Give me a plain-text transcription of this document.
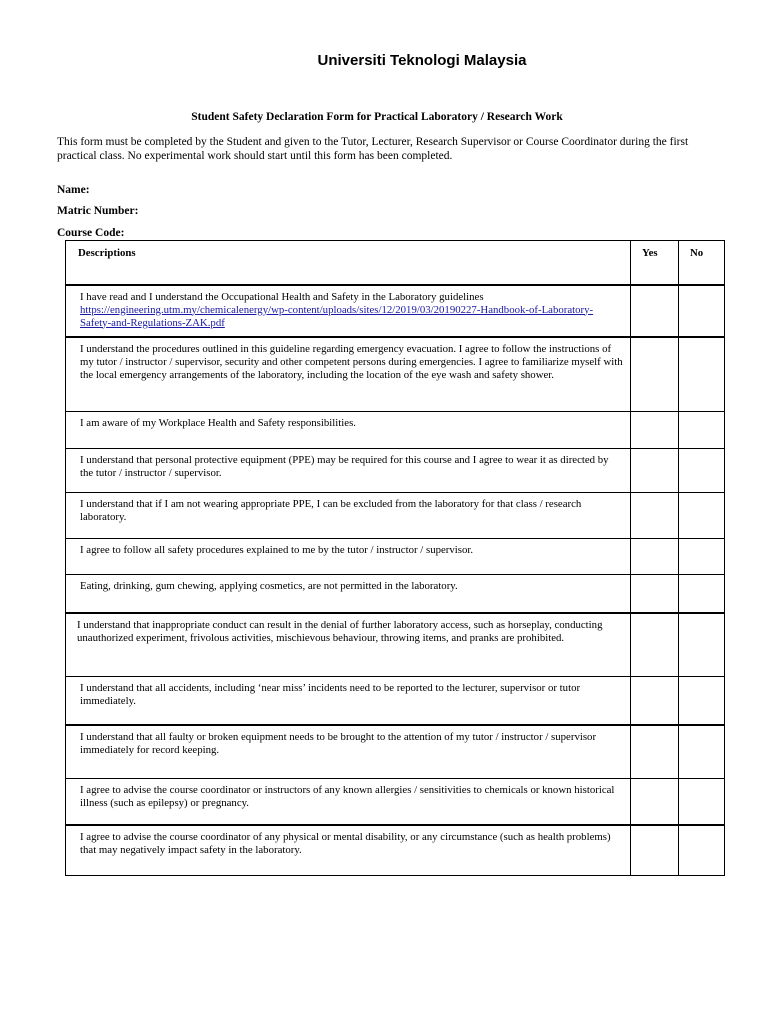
Universiti Teknologi Malaysia
Student Safety Declaration Form for Practical Laboratory / Research Work
This form must be completed by the Student and given to the Tutor, Lecturer, Research Supervisor or Course Coordinator during the first practical class. No experimental work should start until this form has been completed.
Name:
Matric Number:
Course Code:
Descriptions	Yes	No
I have read and I understand the Occupational Health and Safety in the Laboratory guidelines
https://engineering.utm.my/chemicalenergy/wp-content/uploads/sites/12/2019/03/20190227-Handbook-of-Laboratory-Safety-and-Regulations-ZAK.pdf		
I understand the procedures outlined in this guideline regarding emergency evacuation. I agree to follow the instructions of my tutor / instructor / supervisor, security and other competent persons during emergencies. I agree to familiarize myself with the local emergency arrangements of the laboratory, including the location of the eye wash and safety shower.		
I am aware of my Workplace Health and Safety responsibilities.		
I understand that personal protective equipment (PPE) may be required for this course and I agree to wear it as directed by the tutor / instructor / supervisor.		
I understand that if I am not wearing appropriate PPE, I can be excluded from the laboratory for that class / research laboratory.		
I agree to follow all safety procedures explained to me by the tutor / instructor / supervisor.		
Eating, drinking, gum chewing, applying cosmetics, are not permitted in the laboratory.		
I understand that inappropriate conduct can result in the denial of further laboratory access, such as horseplay, conducting unauthorized experiment, frivolous activities, mischievous behaviour, throwing items, and pranks are prohibited.		
I understand that all accidents, including ‘near miss’ incidents need to be reported to the lecturer, supervisor or tutor immediately.		
I understand that all faulty or broken equipment needs to be brought to the attention of my tutor / instructor / supervisor immediately for record keeping.		
I agree to advise the course coordinator or instructors of any known allergies / sensitivities to chemicals or known historical illness (such as epilepsy) or pregnancy.		
I agree to advise the course coordinator of any physical or mental disability, or any circumstance (such as health problems) that may negatively impact safety in the laboratory.		
